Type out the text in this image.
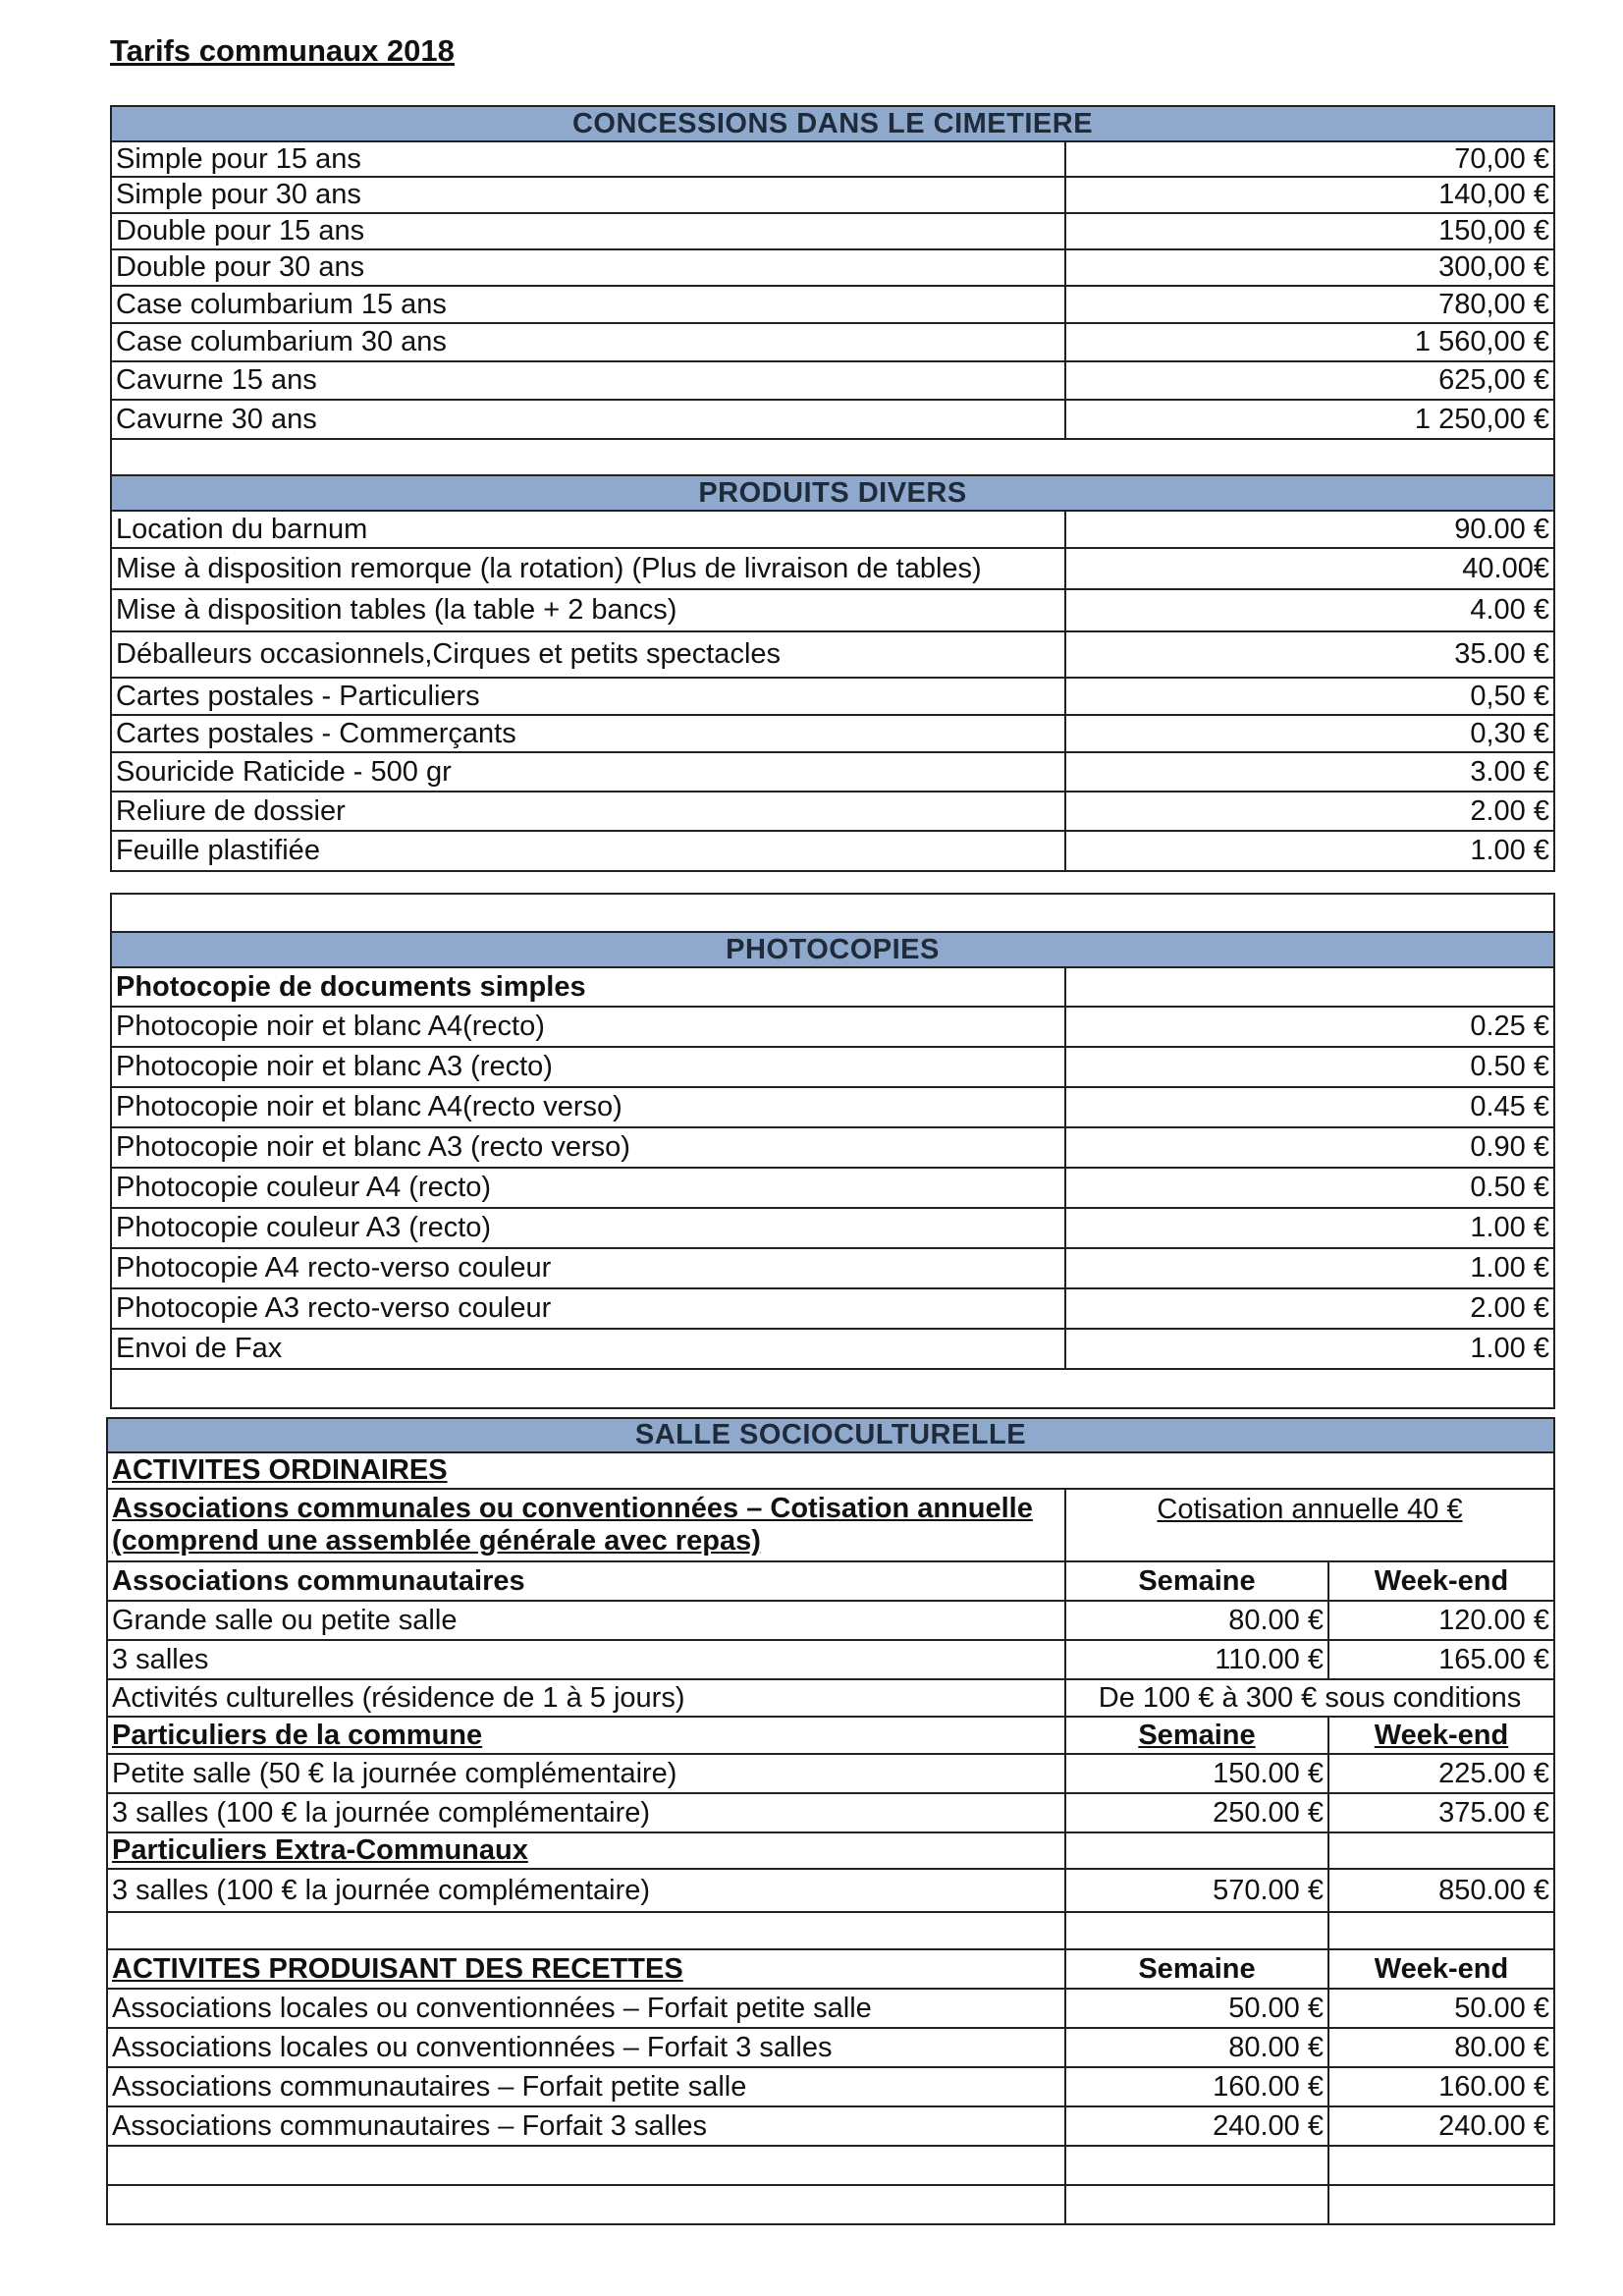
Tarifs communaux 2018
CONCESSIONS DANS LE CIMETIERE	
Simple pour 15 ans	70,00 €
Simple pour 30 ans	140,00 €
Double pour 15 ans	150,00 €
Double pour 30 ans	300,00 €
Case columbarium 15 ans	780,00 €
Case columbarium 30 ans	1 560,00 €
Cavurne 15 ans	625,00 €
Cavurne 30 ans	1 250,00 €

PRODUITS DIVERS	
Location du barnum	90.00 €
Mise à disposition remorque (la rotation) (Plus de livraison de tables)	40.00€
Mise à disposition tables (la table + 2 bancs)	4.00 €
Déballeurs occasionnels,Cirques et petits spectacles	35.00 €
Cartes postales - Particuliers	0,50 €
Cartes postales - Commerçants	0,30 €
Souricide Raticide - 500 gr	3.00 €
Reliure de dossier	2.00 €
Feuille plastifiée	1.00 €

PHOTOCOPIES	
Photocopie de documents simples	
Photocopie noir et blanc A4(recto)	0.25 €
Photocopie noir et blanc A3 (recto)	0.50 €
Photocopie noir et blanc A4(recto verso)	0.45 €
Photocopie noir et blanc A3 (recto verso)	0.90 €
Photocopie couleur A4 (recto)	0.50 €
Photocopie couleur A3 (recto)	1.00 €
Photocopie A4 recto-verso couleur	1.00 €
Photocopie A3 recto-verso couleur	2.00 €
Envoi de Fax	1.00 €

SALLE SOCIOCULTURELLE		
ACTIVITES ORDINAIRES		
Associations communales ou conventionnées – Cotisation annuelle (comprend une assemblée générale avec repas)	Cotisation annuelle 40 €	
Associations communautaires	Semaine	Week-end
Grande salle ou petite salle	80.00 €	120.00 €
3 salles	110.00 €	165.00 €
Activités culturelles (résidence de 1 à 5 jours)	De 100 € à 300 € sous conditions	
Particuliers de la commune	Semaine	Week-end
Petite salle (50 € la journée complémentaire)	150.00 €	225.00 €
3 salles (100 € la journée complémentaire)	250.00 €	375.00 €
Particuliers Extra-Communaux		
3 salles (100 € la journée complémentaire)	570.00 €	850.00 €

ACTIVITES PRODUISANT DES RECETTES	Semaine	Week-end
Associations locales ou conventionnées – Forfait petite salle	50.00 €	50.00 €
Associations locales ou conventionnées – Forfait 3 salles	80.00 €	80.00 €
Associations communautaires – Forfait petite salle	160.00 €	160.00 €
Associations communautaires – Forfait 3 salles	240.00 €	240.00 €
